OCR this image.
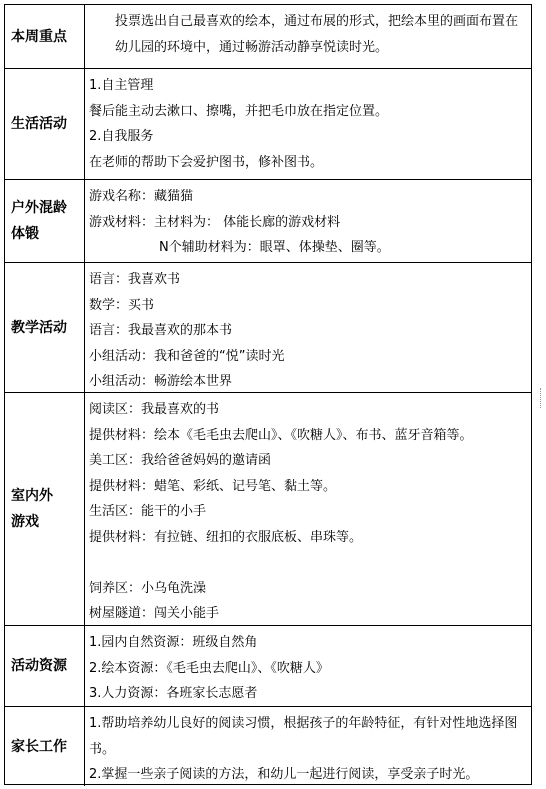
本周重点
投票选出自己最喜欢的绘本，通过布展的形式，把绘本里的画面布置在幼儿园的环境中，通过畅游活动静享悦读时光。
生活活动
1.自主管理
餐后能主动去漱口、擦嘴，并把毛巾放在指定位置。
2.自我服务
在老师的帮助下会爱护图书，修补图书。
户外混龄
体锻
游戏名称：藏猫猫
游戏材料：主材料为： 体能长廊的游戏材料
N个辅助材料为：眼罩、体操垫、圈等。
教学活动
语言：我喜欢书
数学：买书
语言：我最喜欢的那本书
小组活动：我和爸爸的“悦”读时光
小组活动：畅游绘本世界
室内外
游戏
阅读区：我最喜欢的书
提供材料：绘本《毛毛虫去爬山》、《吹糖人》、布书、蓝牙音箱等。
美工区：我给爸爸妈妈的邀请函
提供材料：蜡笔、彩纸、记号笔、黏土等。
生活区：能干的小手
提供材料：有拉链、纽扣的衣服底板、串珠等。
饲养区：小乌龟洗澡
树屋隧道：闯关小能手
活动资源
1.园内自然资源：班级自然角
2.绘本资源：《毛毛虫去爬山》、《吹糖人》
3.人力资源：各班家长志愿者
家长工作
1.帮助培养幼儿良好的阅读习惯，根据孩子的年龄特征，有针对性地选择图书。
2.掌握一些亲子阅读的方法，和幼儿一起进行阅读，享受亲子时光。
